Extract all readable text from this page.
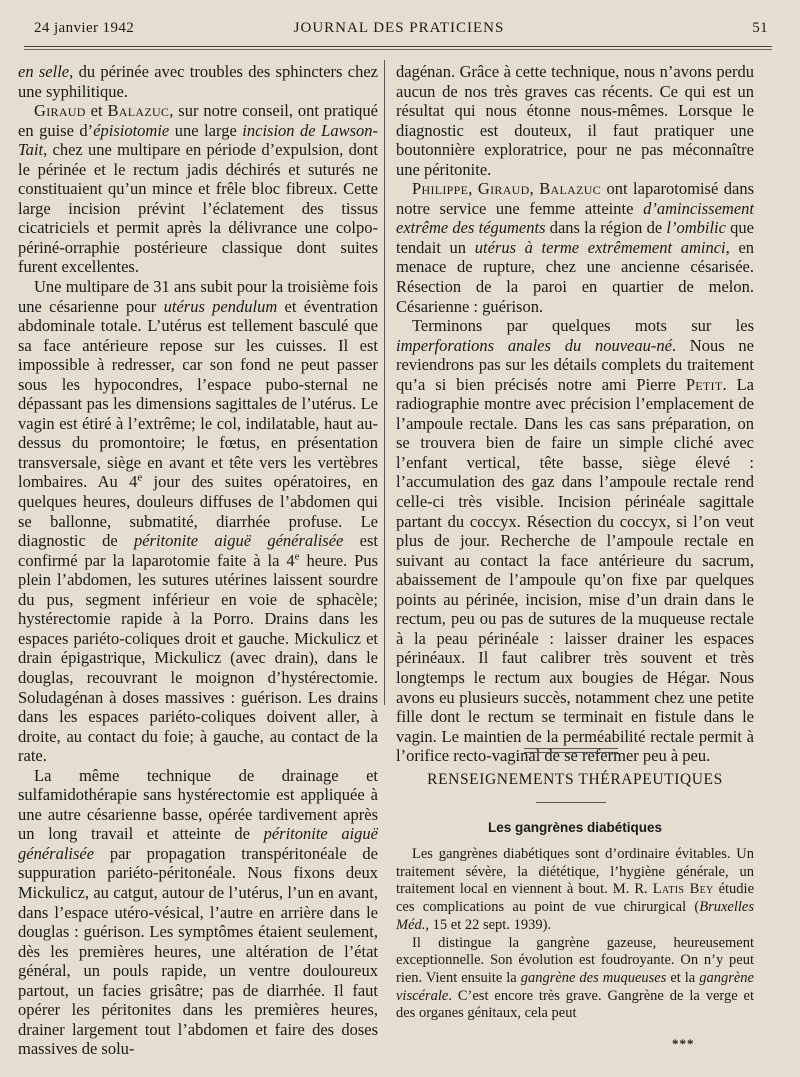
24 janvier 1942	JOURNAL DES PRATICIENS	51

en selle, du périnée avec troubles des sphincters chez une syphilitique.

Giraud et Balazuc, sur notre conseil, ont pratiqué en guise d’épisiotomie une large incision de Lawson-Tait, chez une multipare en période d’expulsion, dont le périnée et le rectum jadis déchirés et suturés ne constituaient qu’un mince et frêle bloc fibreux. Cette large incision prévint l’éclatement des tissus cicatriciels et permit après la délivrance une colpo-périné-orraphie postérieure classique dont suites furent excellentes.

Une multipare de 31 ans subit pour la troisième fois une césarienne pour utérus pendulum et éventration abdominale totale. L’utérus est tellement basculé que sa face antérieure repose sur les cuisses. Il est impossible à redresser, car son fond ne peut passer sous les hypocondres, l’espace pubo-sternal ne dépassant pas les dimensions sagittales de l’utérus. Le vagin est étiré à l’extrême; le col, indilatable, haut au-dessus du promontoire; le fœtus, en présentation transversale, siège en avant et tête vers les vertèbres lombaires. Au 4e jour des suites opératoires, en quelques heures, douleurs diffuses de l’abdomen qui se ballonne, submatité, diarrhée profuse. Le diagnostic de péritonite aiguë généralisée est confirmé par la laparotomie faite à la 4e heure. Pus plein l’abdomen, les sutures utérines laissent sourdre du pus, segment inférieur en voie de sphacèle; hystérectomie rapide à la Porro. Drains dans les espaces pariéto-coliques droit et gauche. Mickulicz et drain épigastrique, Mickulicz (avec drain), dans le douglas, recouvrant le moignon d’hystérectomie. Soludagénan à doses massives : guérison. Les drains dans les espaces pariéto-coliques doivent aller, à droite, au contact du foie; à gauche, au contact de la rate.

La même technique de drainage et sulfamidothérapie sans hystérectomie est appliquée à une autre césarienne basse, opérée tardivement après un long travail et atteinte de péritonite aiguë généralisée par propagation transpéritonéale de suppuration pariéto-péritonéale. Nous fixons deux Mickulicz, au catgut, autour de l’utérus, l’un en avant, dans l’espace utéro-vésical, l’autre en arrière dans le douglas : guérison. Les symptômes étaient seulement, dès les premières heures, une altération de l’état général, un pouls rapide, un ventre douloureux partout, un facies grisâtre; pas de diarrhée. Il faut opérer les péritonites dans les premières heures, drainer largement tout l’abdomen et faire des doses massives de solu-

dagénan. Grâce à cette technique, nous n’avons perdu aucun de nos très graves cas récents. Ce qui est un résultat qui nous étonne nous-mêmes. Lorsque le diagnostic est douteux, il faut pratiquer une boutonnière exploratrice, pour ne pas méconnaître une péritonite.

Philippe, Giraud, Balazuc ont laparotomisé dans notre service une femme atteinte d’amincissement extrême des téguments dans la région de l’ombilic que tendait un utérus à terme extrêmement aminci, en menace de rupture, chez une ancienne césarisée. Résection de la paroi en quartier de melon. Césarienne : guérison.

Terminons par quelques mots sur les imperforations anales du nouveau-né. Nous ne reviendrons pas sur les détails complets du traitement qu’a si bien précisés notre ami Pierre Petit. La radiographie montre avec précision l’emplacement de l’ampoule rectale. Dans les cas sans préparation, on se trouvera bien de faire un simple cliché avec l’enfant vertical, tête basse, siège élevé : l’accumulation des gaz dans l’ampoule rectale rend celle-ci très visible. Incision périnéale sagittale partant du coccyx. Résection du coccyx, si l’on veut plus de jour. Recherche de l’ampoule rectale en suivant au contact la face antérieure du sacrum, abaissement de l’ampoule qu’on fixe par quelques points au périnée, incision, mise d’un drain dans le rectum, peu ou pas de sutures de la muqueuse rectale à la peau périnéale : laisser drainer les espaces périnéaux. Il faut calibrer très souvent et très longtemps le rectum aux bougies de Hégar. Nous avons eu plusieurs succès, notamment chez une petite fille dont le rectum se terminait en fistule dans le vagin. Le maintien de la perméabilité rectale permit à l’orifice recto-vaginal de se refermer peu à peu.

RENSEIGNEMENTS THÉRAPEUTIQUES
Les gangrènes diabétiques

Les gangrènes diabétiques sont d’ordinaire évitables. Un traitement sévère, la diététique, l’hygiène générale, un traitement local en viennent à bout. M. R. Latis Bey étudie ces complications au point de vue chirurgical (Bruxelles Méd., 15 et 22 sept. 1939).

Il distingue la gangrène gazeuse, heureusement exceptionnelle. Son évolution est foudroyante. On n’y peut rien. Vient ensuite la gangrène des muqueuses et la gangrène viscérale. C’est encore très grave. Gangrène de la verge et des organes génitaux, cela peut

***
